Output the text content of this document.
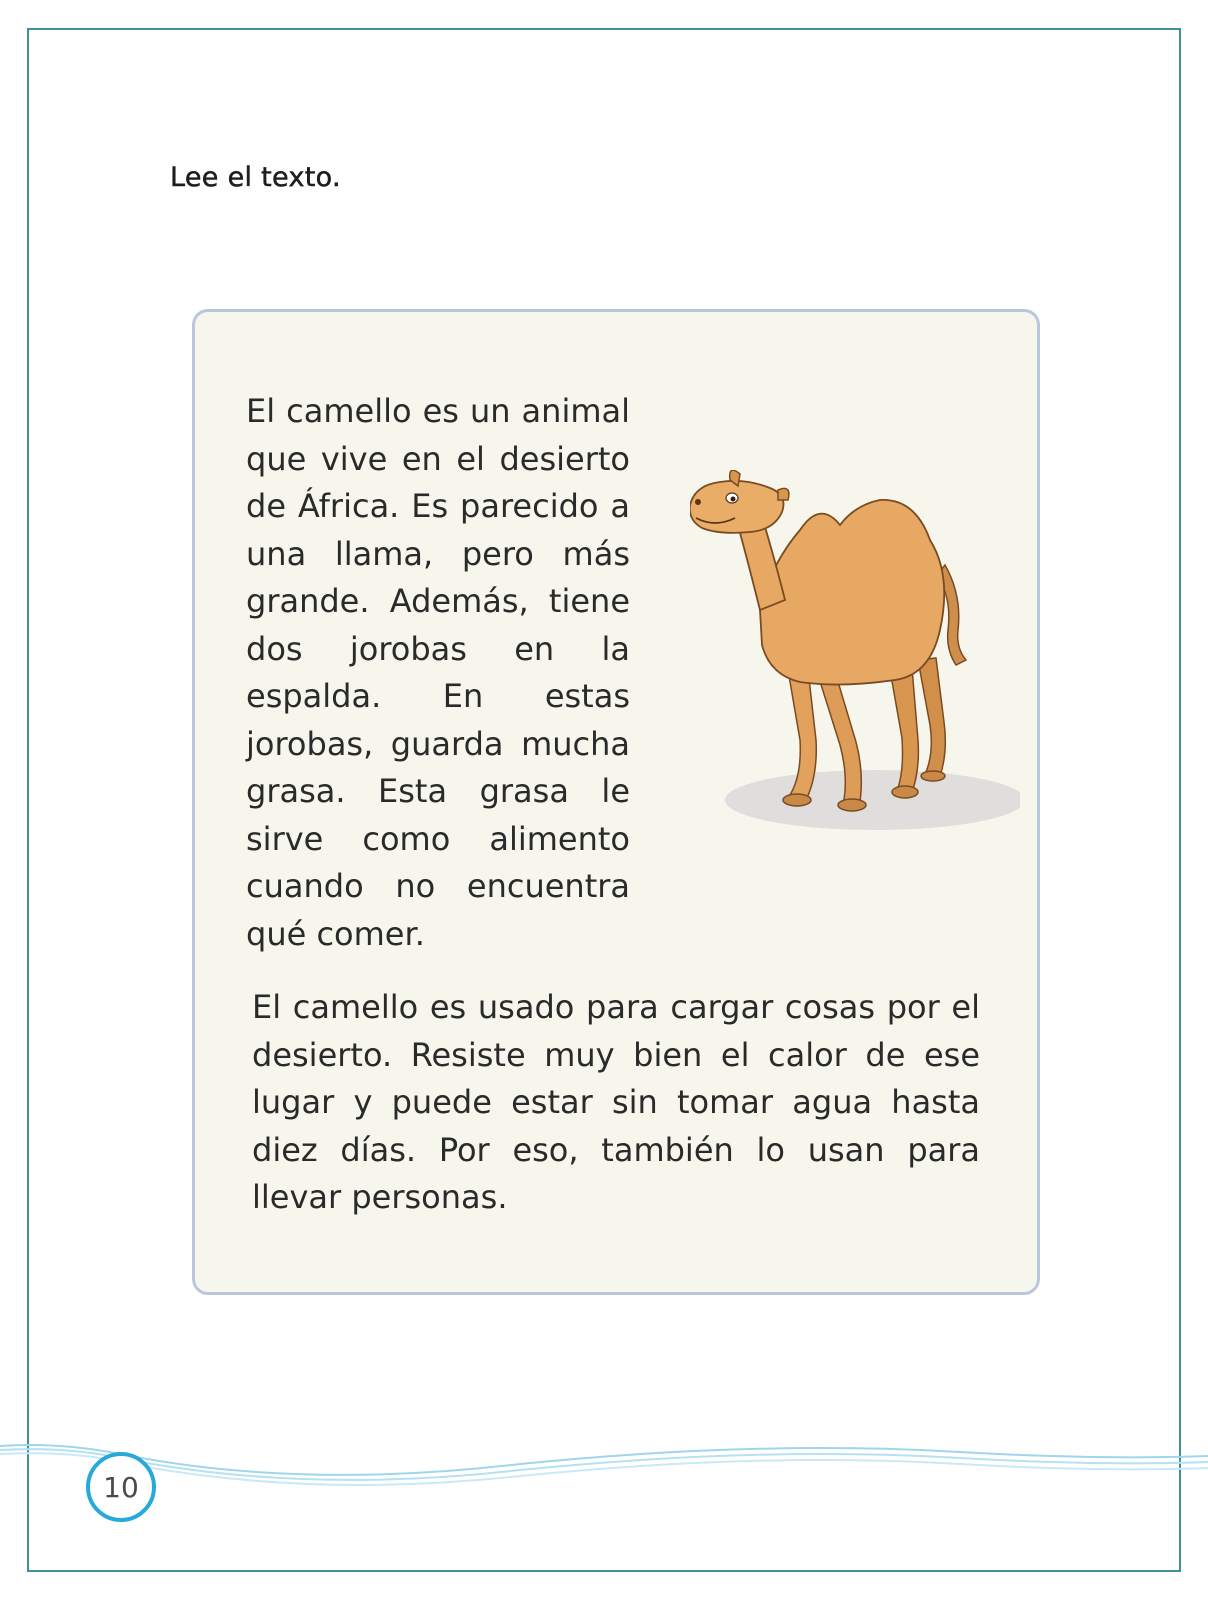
Lee el texto.

El camello es un animal que vive en el desierto de África. Es parecido a una llama, pero más grande. Además, tiene dos jorobas en la espalda. En estas jorobas, guarda mucha grasa. Esta grasa le sirve como alimento cuando no encuentra qué comer.

El camello es usado para cargar cosas por el desierto. Resiste muy bien el calor de ese lugar y puede estar sin tomar agua hasta diez días. Por eso, también lo usan para llevar personas.

10
